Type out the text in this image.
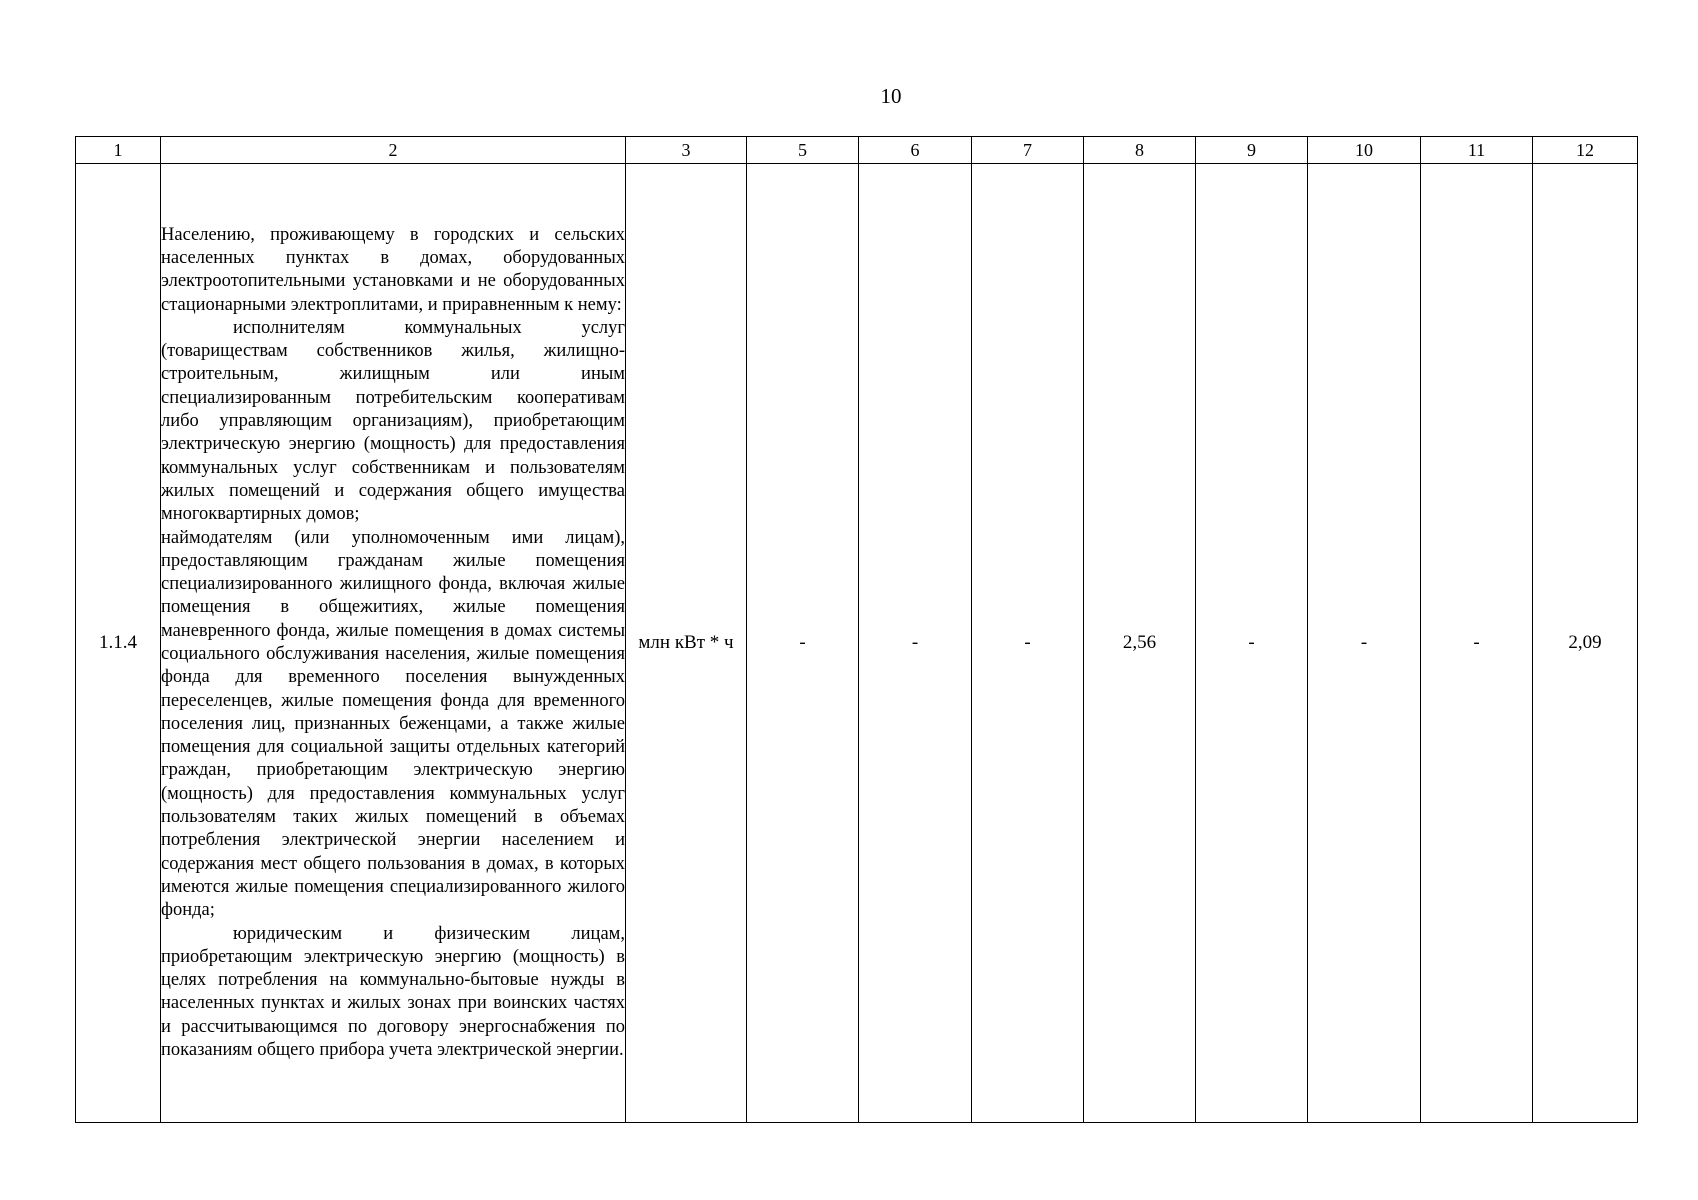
10
1	2	3	5	6	7	8	9	10	11	12
1.1.4	Населению, проживающему в городских и сельских населенных пунктах в домах, оборудованных электроотопительными установками и не оборудованных стационарными электроплитами, и приравненным к нему:

исполнителям коммунальных услуг (товариществам собственников жилья, жилищно-строительным, жилищным или иным специализированным потребительским кооперативам либо управляющим организациям), приобретающим электрическую энергию (мощность) для предоставления коммунальных услуг собственникам и пользователям жилых помещений и содержания общего имущества многоквартирных домов;

наймодателям (или уполномоченным ими лицам), предоставляющим гражданам жилые помещения специализированного жилищного фонда, включая жилые помещения в общежитиях, жилые помещения маневренного фонда, жилые помещения в домах системы социального обслуживания населения, жилые помещения фонда для временного поселения вынужденных переселенцев, жилые помещения фонда для временного поселения лиц, признанных беженцами, а также жилые помещения для социальной защиты отдельных категорий граждан, приобретающим электрическую энергию (мощность) для предоставления коммунальных услуг пользователям таких жилых помещений в объемах потребления электрической энергии населением и содержания мест общего пользования в домах, в которых имеются жилые помещения специализированного жилого фонда;

юридическим и физическим лицам, приобретающим электрическую энергию (мощность) в целях потребления на коммунально-бытовые нужды в населенных пунктах и жилых зонах при воинских частях и рассчитывающимся по договору энергоснабжения по показаниям общего прибора учета электрической энергии.	млн кВт * ч	-	-	-	2,56	-	-	-	2,09
